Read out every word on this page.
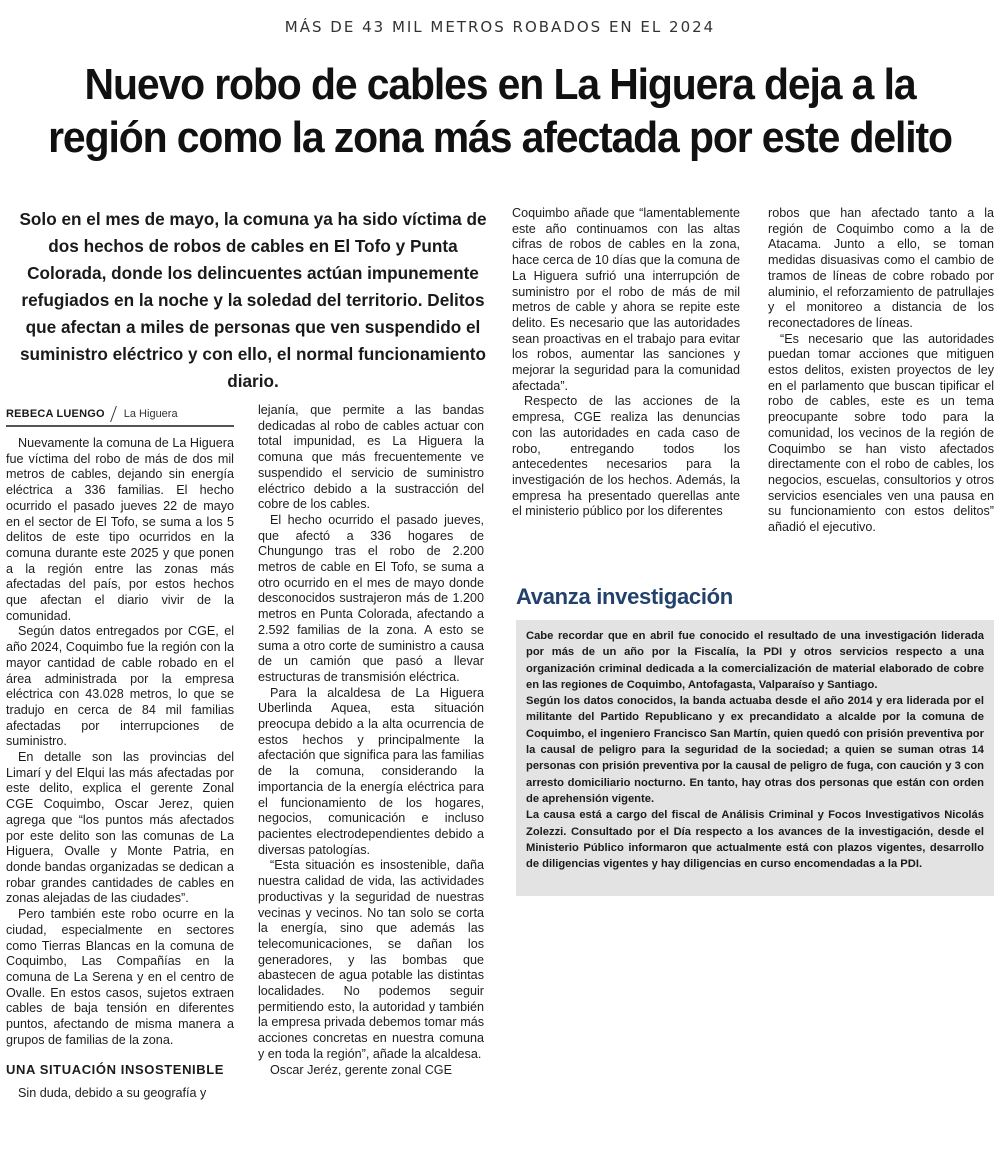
MÁS DE 43 MIL METROS ROBADOS EN EL 2024
Nuevo robo de cables en La Higuera deja a la región como la zona más afectada por este delito
Solo en el mes de mayo, la comuna ya ha sido víctima de dos hechos de robos de cables en El Tofo y Punta Colorada, donde los delincuentes actúan impunemente refugiados en la noche y la soledad del territorio. Delitos que afectan a miles de personas que ven suspendido el suministro eléctrico y con ello, el normal funcionamiento diario.
REBECA LUENGO La Higuera

Nuevamente la comuna de La Higuera fue víctima del robo de más de dos mil metros de cables, dejando sin energía eléctrica a 336 familias. El hecho ocurrido el pasado jueves 22 de mayo en el sector de El Tofo, se suma a los 5 delitos de este tipo ocurridos en la comuna durante este 2025 y que ponen a la región entre las zonas más afectadas del país, por estos hechos que afectan el diario vivir de la comunidad.

Según datos entregados por CGE, el año 2024, Coquimbo fue la región con la mayor cantidad de cable robado en el área administrada por la empresa eléctrica con 43.028 metros, lo que se tradujo en cerca de 84 mil familias afectadas por interrupciones de suministro.

En detalle son las provincias del Limarí y del Elqui las más afectadas por este delito, explica el gerente Zonal CGE Coquimbo, Oscar Jerez, quien agrega que “los puntos más afectados por este delito son las comunas de La Higuera, Ovalle y Monte Patria, en donde bandas organizadas se dedican a robar grandes cantidades de cables en zonas alejadas de las ciudades”.

Pero también este robo ocurre en la ciudad, especialmente en sectores como Tierras Blancas en la comuna de Coquimbo, Las Compañías en la comuna de La Serena y en el centro de Ovalle. En estos casos, sujetos extraen cables de baja tensión en diferentes puntos, afectando de misma manera a grupos de familias de la zona.

UNA SITUACIÓN INSOSTENIBLE

Sin duda, debido a su geografía y

lejanía, que permite a las bandas dedicadas al robo de cables actuar con total impunidad, es La Higuera la comuna que más frecuentemente ve suspendido el servicio de suministro eléctrico debido a la sustracción del cobre de los cables.

El hecho ocurrido el pasado jueves, que afectó a 336 hogares de Chungungo tras el robo de 2.200 metros de cable en El Tofo, se suma a otro ocurrido en el mes de mayo donde desconocidos sustrajeron más de 1.200 metros en Punta Colorada, afectando a 2.592 familias de la zona. A esto se suma a otro corte de suministro a causa de un camión que pasó a llevar estructuras de transmisión eléctrica.

Para la alcaldesa de La Higuera Uberlinda Aquea, esta situación preocupa debido a la alta ocurrencia de estos hechos y principalmente la afectación que significa para las familias de la comuna, considerando la importancia de la energía eléctrica para el funcionamiento de los hogares, negocios, comunicación e incluso pacientes electrodependientes debido a diversas patologías.

“Esta situación es insostenible, daña nuestra calidad de vida, las actividades productivas y la seguridad de nuestras vecinas y vecinos. No tan solo se corta la energía, sino que además las telecomunicaciones, se dañan los generadores, y las bombas que abastecen de agua potable las distintas localidades. No podemos seguir permitiendo esto, la autoridad y también la empresa privada debemos tomar más acciones concretas en nuestra comuna y en toda la región”, añade la alcaldesa.

Oscar Jeréz, gerente zonal CGE

Coquimbo añade que “lamentablemente este año continuamos con las altas cifras de robos de cables en la zona, hace cerca de 10 días que la comuna de La Higuera sufrió una interrupción de suministro por el robo de más de mil metros de cable y ahora se repite este delito. Es necesario que las autoridades sean proactivas en el trabajo para evitar los robos, aumentar las sanciones y mejorar la seguridad para la comunidad afectada”.

Respecto de las acciones de la empresa, CGE realiza las denuncias con las autoridades en cada caso de robo, entregando todos los antecedentes necesarios para la investigación de los hechos. Además, la empresa ha presentado querellas ante el ministerio público por los diferentes

robos que han afectado tanto a la región de Coquimbo como a la de Atacama. Junto a ello, se toman medidas disuasivas como el cambio de tramos de líneas de cobre robado por aluminio, el reforzamiento de patrullajes y el monitoreo a distancia de los reconectadores de líneas.

“Es necesario que las autoridades puedan tomar acciones que mitiguen estos delitos, existen proyectos de ley en el parlamento que buscan tipificar el robo de cables, este es un tema preocupante sobre todo para la comunidad, los vecinos de la región de Coquimbo se han visto afectados directamente con el robo de cables, los negocios, escuelas, consultorios y otros servicios esenciales ven una pausa en su funcionamiento con estos delitos” añadió el ejecutivo.

Avanza investigación

Cabe recordar que en abril fue conocido el resultado de una investigación liderada por más de un año por la Fiscalía, la PDI y otros servicios respecto a una organización criminal dedicada a la comercialización de material elaborado de cobre en las regiones de Coquimbo, Antofagasta, Valparaíso y Santiago.

Según los datos conocidos, la banda actuaba desde el año 2014 y era liderada por el militante del Partido Republicano y ex precandidato a alcalde por la comuna de Coquimbo, el ingeniero Francisco San Martín, quien quedó con prisión preventiva por la causal de peligro para la seguridad de la sociedad; a quien se suman otras 14 personas con prisión preventiva por la causal de peligro de fuga, con caución y 3 con arresto domiciliario nocturno. En tanto, hay otras dos personas que están con orden de aprehensión vigente.

La causa está a cargo del fiscal de Análisis Criminal y Focos Investigativos Nicolás Zolezzi. Consultado por el Día respecto a los avances de la investigación, desde el Ministerio Público informaron que actualmente está con plazos vigentes, desarrollo de diligencias vigentes y hay diligencias en curso encomendadas a la PDI.
